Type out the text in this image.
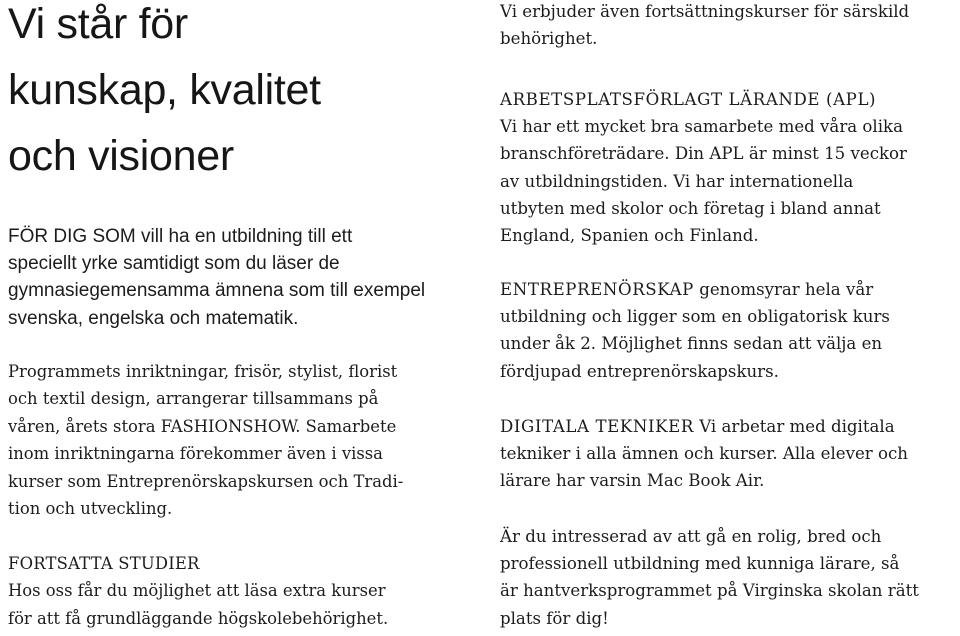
Vi står för
kunskap, kvalitet
och visioner

FÖR DIG SOM vill ha en utbildning till ett
speciellt yrke samtidigt som du läser de
gymnasiegemensamma ämnena som till exempel
svenska, engelska och matematik.

Programmets inriktningar, frisör, stylist, florist
och textil design, arrangerar tillsammans på
våren, årets stora FASHIONSHOW. Samarbete
inom inriktningarna förekommer även i vissa
kurser som Entreprenörskapskursen och Tradi-
tion och utveckling.

FORTSATTA STUDIER
Hos oss får du möjlighet att läsa extra kurser
för att få grundläggande högskolebehörighet.

Vi erbjuder även fortsättningskurser för särskild
behörighet.

ARBETSPLATSFÖRLAGT LÄRANDE (APL)
Vi har ett mycket bra samarbete med våra olika
branschföreträdare. Din APL är minst 15 veckor
av utbildningstiden. Vi har internationella
utbyten med skolor och företag i bland annat
England, Spanien och Finland.

ENTREPRENÖRSKAP genomsyrar hela vår
utbildning och ligger som en obligatorisk kurs
under åk 2. Möjlighet finns sedan att välja en
fördjupad entreprenörskapskurs.

DIGITALA TEKNIKER Vi arbetar med digitala
tekniker i alla ämnen och kurser. Alla elever och
lärare har varsin Mac Book Air.

Är du intresserad av att gå en rolig, bred och
professionell utbildning med kunniga lärare, så
är hantverksprogrammet på Virginska skolan rätt
plats för dig!
